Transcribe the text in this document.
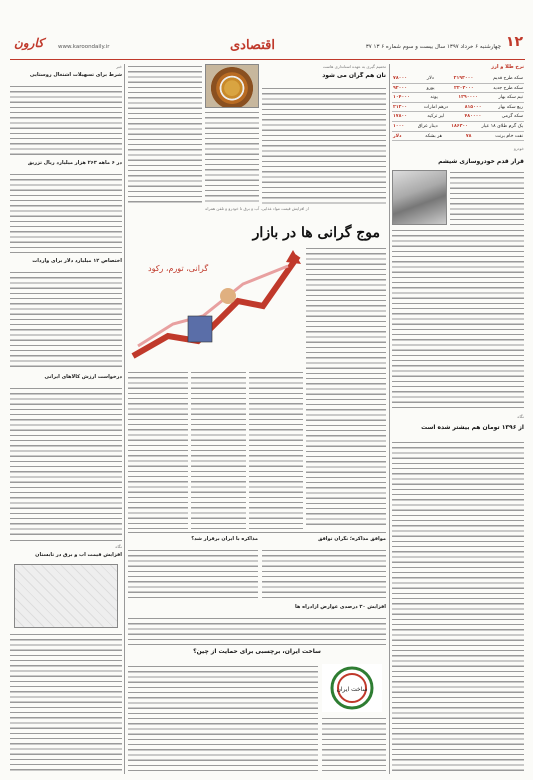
۱۲
چهارشنبه ۶ خرداد ۱۳۹۷ سال بیست و سوم شماره ۶ ۱۳ ۳۷
اقتصادی
www.karoondaily.ir
کارون
نرخ طلا و ارز
سکه طرح قدیم
۲۱۹۳۰۰۰
دلار
۷۸۰۰۰
سکه طرح جدید
۲۲۰۳۰۰۰
یورو
۹۲۰۰۰
نیم سکه بهار
۱۲۹۰۰۰۰
پوند
۱۰۴۰۰۰
ربع سکه بهار
۸۱۵۰۰۰
درهم امارات
۲۱۲۰۰
سکه گرمی
۴۸۰۰۰۰
لیر ترکیه
۱۷۸۰۰
یک گرم طلای ۱۸ عیار
۱۸۶۳۰۰
دینار عراق
۱۰۰۰
نفت خام برنت
۷۸
هر بشکه
دلار
خودرو
قرار قدم خودروسازی شیشم
نگاه
از ۱۳۹۶ تومان هم بیشتر شده است
تحمیم گیری به عهده استانداری هاست
نان هم گران می شود
از افزایش قیمت مواد غذایی، آب و برق تا خودرو و تلفن همراه
موج گرانی ها در بازار
گرانی، تورم، رکود
موافق مذاکره؛ نگران توافق
مذاکره با ایران برقرار شد؟
افزایش ۳۰ درصدی عوارض آزادراه ها
ساخت ایران، برچسبی برای حمایت از چین؟
ساخت ایران
خبر
شرط برای تسهیلات اشتغال روستایی
در ۶ ماهه ۲۶۳ هزار میلیارد ریال تزریق
اختصاص ۱۲ میلیارد دلار برای واردات
درخواست ارزش کالاهای ایرانی
نگاه
افزایش قیمت آب و برق در تابستان
